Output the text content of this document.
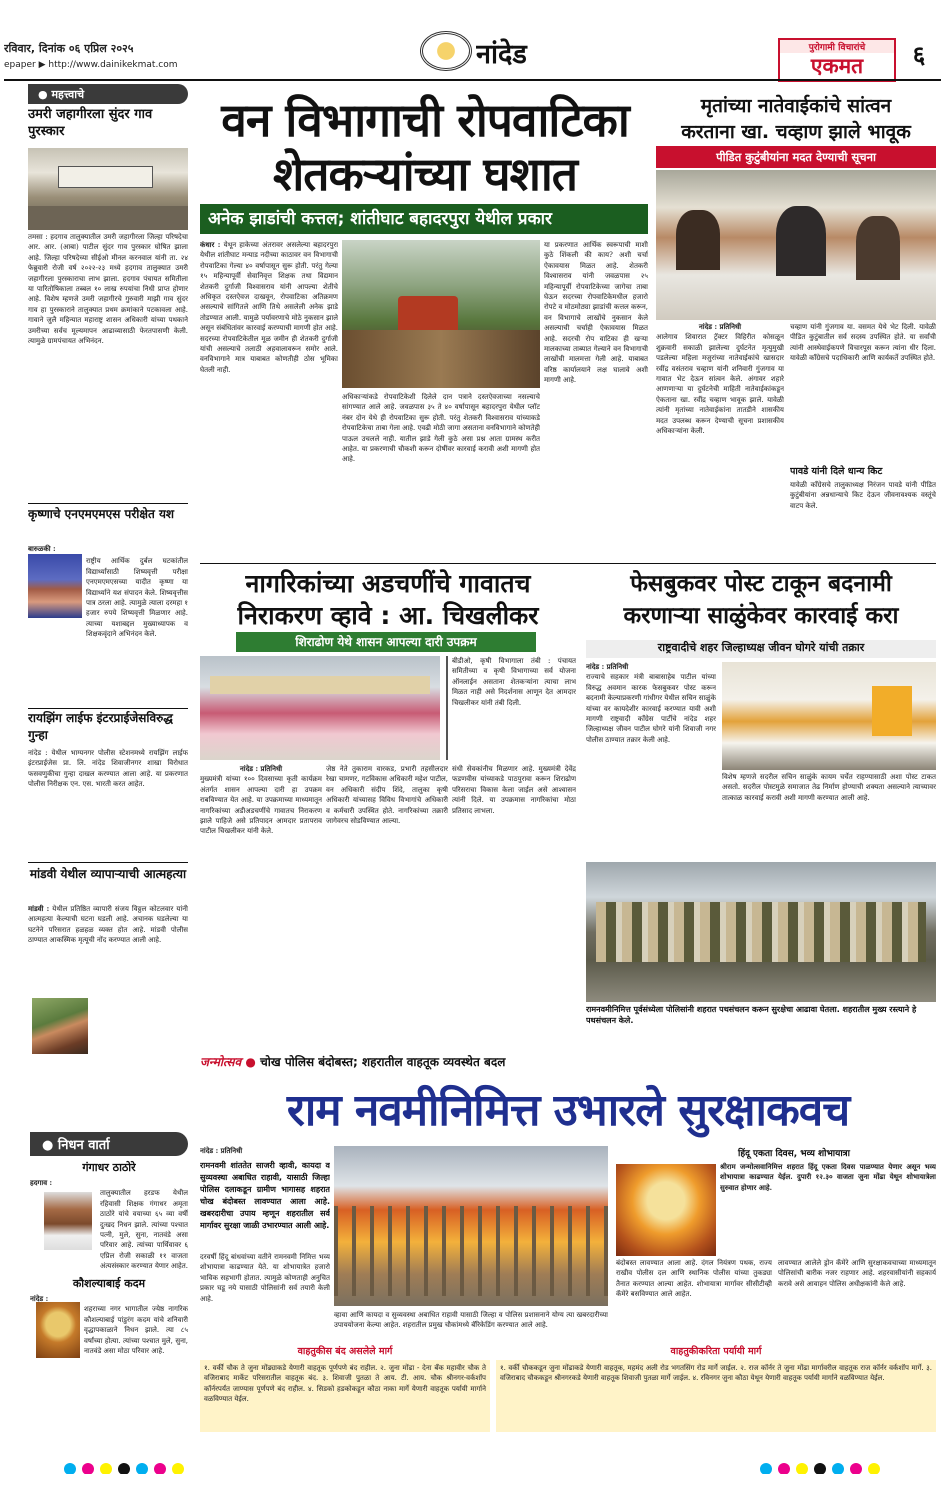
रविवार, दिनांक ०६ एप्रिल २०२५
epaper ▶ http://www.dainikekmat.com	नांदेड	पुरोगामी विचारांचे
एकमत	६
● महत्त्वाचे
उमरी जहागीरला सुंदर गाव पुरस्कार
तमसा : हदगाव तालुक्यातील उमरी जहागीरला जिल्हा परिषदेचा आर. आर. (आबा) पाटील सुंदर गाव पुरस्कार घोषित झाला आहे. जिल्हा परिषदेच्या सीईओ मीनल करनवाल यांनी ता. २४ फेब्रुवारी रोजी वर्ष २०२२-२३ मध्ये हदगाव तालुक्यात उमरी जहागीरला पुरस्काराचा लाभ झाला. हदगाव पंचायत समितीला या पारितोषिकाला तब्बल १० लाख रुपयांचा निधी प्राप्त होणार आहे. विशेष म्हणजे उमरी जहागीरचे गुरुवारी माझी गाव सुंदर गाव हा पुरस्काराने तालुक्यात प्रथम क्रमांकाने पटकावला आहे. गावाने जुलै महिन्यात महाराष्ट्र शासन अधिकारी यांच्या पथकाने उमरीच्या सर्वच मूल्यमापन आढाव्यासाठी फेरतपासणी केली. त्यामुळे ग्रामपंचायत अभिनंदन.
कृष्णाचे एनएमएमएस परीक्षेत यश
बारुळकी :
राष्ट्रीय आर्थिक दुर्बल घटकांतील विद्यार्थ्यांसाठी शिष्यवृत्ती परीक्षा एनएमएमएसच्या यादीत कृष्णा या विद्यार्थ्याने यश संपादन केले. शिष्यवृत्तीस पात्र ठरला आहे. त्यामुळे त्याला दरमहा १ हजार रुपये शिष्यवृत्ती मिळणार आहे. त्याच्या यशाबद्दल मुख्याध्यापक व शिक्षकवृंदाने अभिनंदन केले.
रायझिंग लाईफ इंटरप्राईजेसविरुद्ध गुन्हा
नांदेड : येथील भाग्यनगर पोलीस स्टेशनमध्ये रायझिंग लाईफ इंटरप्राईजेस प्रा. लि. नांदेड शिवाजीनगर शाखा विरोधात फसवणुकीचा गुन्हा दाखल करण्यात आला आहे. या प्रकरणात पोलीस निरीक्षक एन. एस. भारती करत आहेत.
मांडवी येथील व्यापाऱ्याची आत्महत्या
मांडवी : येथील प्रतिष्ठित व्यापारी संजय विठ्ठल कोटलवार यांनी आत्महत्या केल्याची घटना घडली आहे. अचानक घडलेल्या या घटनेने परिसरात हळहळ व्यक्त होत आहे. मांडवी पोलीस ठाण्यात आकस्मिक मृत्यूची नोंद करण्यात आली आहे.
● निधन वार्ता
गंगाधर ठाठोरे
हदगाव :
तालुक्यातील हरडफ येथील रहिवासी शिक्षक गंगाधर अमृता ठाठोरे यांचे वयाच्या ६५ व्या वर्षी दुःखद निधन झाले. त्यांच्या पश्चात पत्नी, मुले, सुना, नातवंडे असा परिवार आहे. त्यांच्या पार्थिवावर ६ एप्रिल रोजी सकाळी ११ वाजता अंत्यसंस्कार करण्यात येणार आहेत.
कौशल्याबाई कदम
नांदेड :
शहराच्या नगर भागातील ज्येष्ठ नागरिक कौशल्याबाई पांडुरंग कदम यांचे शनिवारी वृद्धापकाळाने निधन झाले. त्या ८५ वर्षांच्या होत्या. त्यांच्या पश्चात मुले, सुना, नातवंडे असा मोठा परिवार आहे.
वन विभागाची रोपवाटिका
शेतकऱ्यांच्या घशात
अनेक झाडांची कत्तल; शांतीघाट बहादरपुरा येथील प्रकार
कंधार : येथून हाकेच्या अंतरावर असलेल्या बहादरपुरा येथील शांतीघाट मन्याड नदीच्या काठावर वन विभागाची रोपवाटिका गेल्या ४० वर्षापासून सुरू होती. परंतु गेल्या १५ महिन्यापूर्वी सेवानिवृत्त शिक्षक तथा विद्यमान शेतकरी दुर्गाजी विश्वासराव यांनी आपल्या शेतीचे अधिकृत दस्तऐवज दाखवून, रोपवाटिका अतिक्रमण असल्याचे सांगितले आणि तिथे असलेली अनेक झाडे तोडण्यात आली. यामुळे पर्यावरणाचे मोठे नुकसान झाले असून संबंधितांवर कारवाई करण्याची मागणी होत आहे. सदरच्या रोपवाटिकेतील मूळ जमीन ही शेतकरी दुर्गाजी यांची असल्याचे तलाठी अहवालावरून समोर आले. वनविभागाने मात्र याबाबत कोणतीही ठोस भूमिका घेतली नाही.
अधिकाऱ्यांकडे रोपवाटिकेशी दिलेले दान पत्राने दस्तऐवजाच्या नसल्याचे सांगण्यात आले आहे. जवळपास ३५ ते ४० वर्षापासून बहादरपुरा येथील प्लॉट नंबर दोन येथे ही रोपवाटिका सुरू होती. परंतु शेतकरी विश्वासराव यांच्याकडे रोपवाटिकेचा ताबा गेला आहे. एवढी मोठी जागा असताना वनविभागाने कोणतेही पाऊल उचलले नाही. यातील झाडे गेली कुठे असा प्रश्न आता ग्रामस्थ करीत आहेत. या प्रकरणाची चौकशी करून दोषींवर कारवाई करावी अशी मागणी होत आहे.
या प्रकरणात आर्थिक स्वरूपाची माशी कुठे शिंकली की काय? अशी चर्चा ऐकावयास मिळत आहे. शेतकरी विश्वासराव यांनी जवळपास २५ महिन्यापूर्वी रोपवाटिकेच्या जागेचा ताबा घेऊन सदरच्या रोपवाटिकेमधील हजारो रोपटे व मोठमोठ्या झाडांची कत्तल करून, वन विभागाचे लाखोंचे नुकसान केले असल्याची चर्चाही ऐकावयास मिळत आहे. सदरची रोप वाटिका ही खऱ्या मालकाच्या ताब्यात गेल्याने वन विभागाची लाखोंची मालमत्ता गेली आहे. याबाबत वरिष्ठ कार्यालयाने लक्ष घालावे अशी मागणी आहे.
मृतांच्या नातेवाईकांचे सांत्वन
करताना खा. चव्हाण झाले भावूक
पीडित कुटुंबीयांना मदत देण्याची सूचना
नांदेड : प्रतिनिधी
आलेगाव शिवारात ट्रॅक्टर विहिरीत कोसळून शुक्रवारी सकाळी झालेल्या दुर्घटनेत मृत्युमुखी पडलेल्या महिला मजुरांच्या नातेवाईकांचे खासदार रवींद्र वसंतराव चव्हाण यांनी शनिवारी गुंजगाव या गावात भेट देऊन सांत्वन केले. अंगावर शहारे आणणाऱ्या या दुर्घटनेची माहिती नातेवाईकांकडून ऐकताना खा. रवींद्र चव्हाण भावूक झाले. यावेळी त्यांनी मृतांच्या नातेवाईकांना तातडीने शासकीय मदत उपलब्ध करून देण्याची सूचना प्रशासकीय अधिकाऱ्यांना केली.
चव्हाण यांनी गुंजगाव या. वसमत येथे भेट दिली. यावेळी पीडित कुटुंबातील सर्व सदस्य उपस्थित होते. या सर्वांची त्यांनी आस्थेवाईकपणे विचारपूस करून त्यांना धीर दिला. यावेळी काँग्रेसचे पदाधिकारी आणि कार्यकर्ते उपस्थित होते.
पावडे यांनी दिले धान्य किट
यावेळी काँग्रेसचे तालुकाध्यक्ष निरंजन पावडे यांनी पीडित कुटुंबीयांना अन्नधान्याचे किट देऊन जीवनावश्यक वस्तूंचे वाटप केले.
नागरिकांच्या अडचणींचे गावातच
निराकरण व्हावे : आ. चिखलीकर
शिराढोण येथे शासन आपल्या दारी उपक्रम
बीडीओ, कृषी विभागाला तंबी : पंचायत समितीच्या व कृषी विभागाच्या सर्व योजना ऑनलाईन असताना शेतकऱ्यांना त्याचा लाभ मिळत नाही असे निदर्शनास आणून देत आमदार चिखलीकर यांनी तंबी दिली.
नांदेड : प्रतिनिधी
मुख्यमंत्री यांच्या १०० दिवसाच्या कृती कार्यक्रम अंतर्गत शासन आपल्या दारी हा उपक्रम राबविण्यात येत आहे. या उपक्रमाच्या माध्यमातून नागरिकांच्या अडीअडचणींचे गावातच निराकरण झाले पाहिजे असे प्रतिपादन आमदार प्रतापराव पाटील चिखलीकर यांनी केले.
जेष्ठ नेते तुकाराम वारकड, प्रभारी तहसीलदार रेखा चामणर, गटविकास अधिकारी महेश पाटील, वन अधिकारी संदीप शिंदे, तालुका कृषी अधिकारी यांच्यासह विविध विभागांचे अधिकारी व कर्मचारी उपस्थित होते. नागरिकांच्या तक्रारी जागेवरच सोडविण्यात आल्या.
संधी सेवकांनीच मिळणार आहे. मुख्यमंत्री देवेंद्र फडणवीस यांच्याकडे पाठपुरावा करून शिराढोण परिसराचा विकास केला जाईल असे आश्वासन त्यांनी दिले. या उपक्रमास नागरिकांचा मोठा प्रतिसाद लाभला.
फेसबुकवर पोस्ट टाकून बदनामी
करणाऱ्या साळुंकेवर कारवाई करा
राष्ट्रवादीचे शहर जिल्हाध्यक्ष जीवन घोगरे यांची तक्रार
नांदेड : प्रतिनिधी
राज्याचे सहकार मंत्री बाबासाहेब पाटील यांच्या विरुद्ध अवमान कारक फेसबुकवर पोस्ट करून बदनामी केल्याप्रकरणी गांधीगर येथील सचिन साळुंके यांच्या वर कायदेशीर कारवाई करण्यात यावी अशी मागणी राष्ट्रवादी काँग्रेस पार्टीचे नांदेड शहर जिल्हाध्यक्ष जीवन पाटील घोगरे यांनी शिवाजी नगर पोलीस ठाण्यात तक्रार केली आहे.
विशेष म्हणजे सदरील सचिन साळुंके कायम चर्चेत राहण्यासाठी अशा पोस्ट टाकत असतो. सदरील पोस्टमुळे समाजात तेढ निर्माण होण्याची शक्यता असल्याने त्याच्यावर तात्काळ कारवाई करावी अशी मागणी करण्यात आली आहे.
रामनवमीनिमित्त पूर्वसंध्येला पोलिसांनी शहरात पथसंचलन करून सुरक्षेचा आढावा घेतला. शहरातील मुख्य रस्त्याने हे पथसंचलन केले.
जन्मोत्सव ● चोख पोलिस बंदोबस्त; शहरातील वाहतूक व्यवस्थेत बदल
राम नवमीनिमित्त उभारले सुरक्षाकवच
नांदेड : प्रतिनिधी
रामनवमी शांततेत साजरी व्हावी, कायदा व सुव्यवस्था अबाधित राहावी, यासाठी जिल्हा पोलिस दलाकडून ग्रामीण भागासह शहरात चोख बंदोबस्त लावण्यात आला आहे. खबरदारीचा उपाय म्हणून शहरातील सर्व मार्गावर सुरक्षा जाळी उभारण्यात आली आहे.
दरवर्षी हिंदू बांधवांच्या वतीने रामनवमी निमित्त भव्य शोभायात्रा काढण्यात येते. या शोभायात्रेत हजारो भाविक सहभागी होतात. त्यामुळे कोणताही अनुचित प्रकार घडू नये यासाठी पोलिसांनी सर्व तयारी केली आहे.
व्हावा आणि कायदा व सुव्यवस्था अबाधित राहावी यासाठी जिल्हा व पोलिस प्रशासनाने योग्य त्या खबरदारीच्या उपाययोजना केल्या आहेत. शहरातील प्रमुख चौकांमध्ये बॅरिकेडिंग करण्यात आले आहे.
हिंदू एकता दिवस, भव्य शोभायात्रा
श्रीराम जन्मोत्सवानिमित्त शहरात हिंदू एकता दिवस पाळण्यात येणार असून भव्य शोभायात्रा काढण्यात येईल. दुपारी १२.३० वाजता जुना मोंढा येथून शोभायात्रेला सुरुवात होणार आहे.
बंदोबस्त लावण्यात आला आहे. दंगल नियंत्रण पथक, राज्य राखीव पोलीस दल आणि स्थानिक पोलीस यांच्या तुकड्या तैनात करण्यात आल्या आहेत. शोभायात्रा मार्गावर सीसीटीव्ही कॅमेरे बसविण्यात आले आहेत.
लावण्यात आलेले ड्रोन कॅमेरे आणि सुरक्षाकवचाच्या माध्यमातून पोलिसांची बारीक नजर राहणार आहे. शहरवासीयांनी सहकार्य करावे असे आवाहन पोलिस अधीक्षकांनी केले आहे.
वाहतुकीस बंद असलेले मार्ग
१. वर्की चौक ते जुना मोंढ्याकडे येणारी वाहतूक पूर्णपणे बंद राहील. २. जुना मोंढा - देना बँक महावीर चौक ते वजिराबाद मार्केट परिसरातील वाहतूक बंद. ३. शिवाजी पुतळा ते आय. टी. आय. चौक श्रीनगर-वर्कशॉप कॉर्नरपर्यंत जाण्यास पूर्णपणे बंद राहील. ४. सिडको हडकोकडून कौठा नाका मार्गे येणारी वाहतूक पर्यायी मार्गाने वळविण्यात येईल.
वाहतुकीकरिता पर्यायी मार्ग
१. वर्की चौककडून जुना मोंढाकडे येणारी वाहतूक, महमंद अली रोड भगतसिंग रोड मार्गे जाईल. २. राज कॉर्नर ते जुना मोंढा मार्गावरील वाहतूक राज कॉर्नर वर्कशॉप मार्गे. ३. वजिराबाद चौककडून श्रीनगरकडे येणारी वाहतूक शिवाजी पुतळा मार्गे जाईल. ४. रविनगर जुना कौठा येथून येणारी वाहतूक पर्यायी मार्गाने वळविण्यात येईल.
